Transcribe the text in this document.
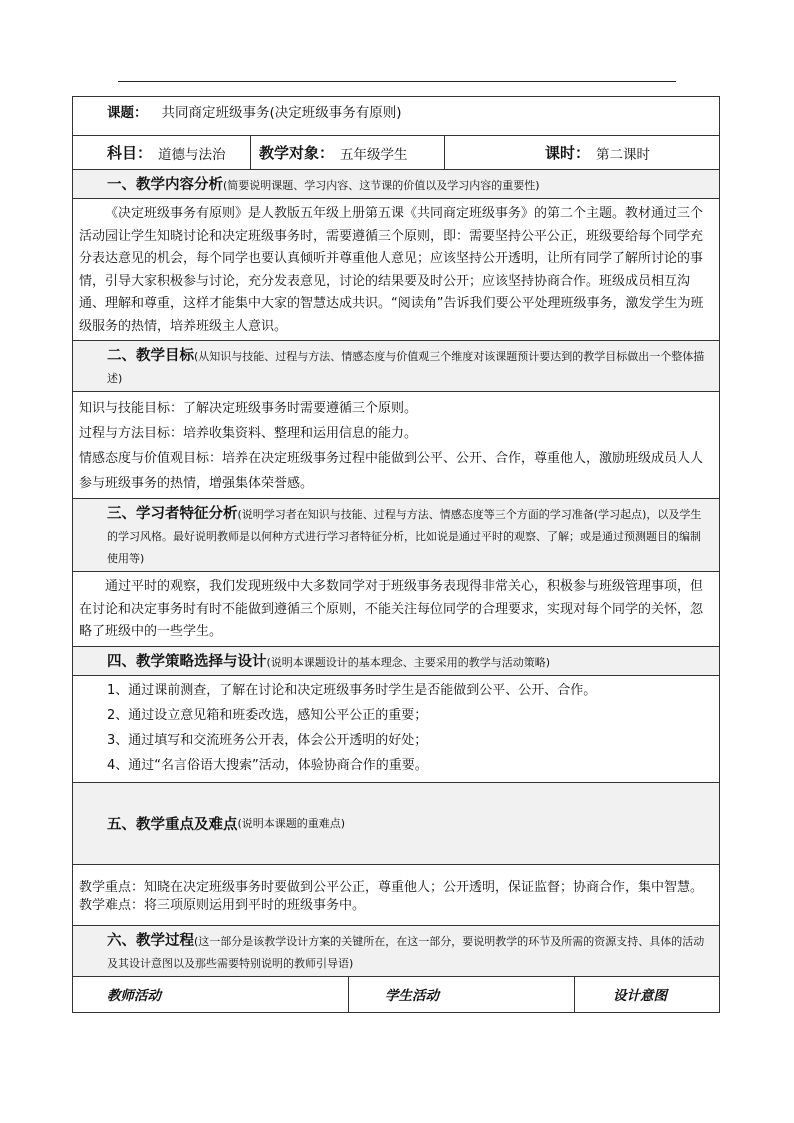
课题： 共同商定班级事务(决定班级事务有原则)
科目： 道德与法治 教学对象： 五年级学生	课时： 第二课时
一、教学内容分析(简要说明课题、学习内容、这节课的价值以及学习内容的重要性)
《决定班级事务有原则》是人教版五年级上册第五课《共同商定班级事务》的第二个主题。教材通过三个活动园让学生知晓讨论和决定班级事务时，需要遵循三个原则，即：需要坚持公平公正，班级要给每个同学充分表达意见的机会，每个同学也要认真倾听并尊重他人意见；应该坚持公开透明，让所有同学了解所讨论的事情，引导大家积极参与讨论，充分发表意见，讨论的结果要及时公开；应该坚持协商合作。班级成员相互沟通、理解和尊重，这样才能集中大家的智慧达成共识。“阅读角”告诉我们要公平处理班级事务，激发学生为班级服务的热情，培养班级主人意识。
二、教学目标(从知识与技能、过程与方法、情感态度与价值观三个维度对该课题预计要达到的教学目标做出一个整体描述)
知识与技能目标：了解决定班级事务时需要遵循三个原则。
过程与方法目标：培养收集资料、整理和运用信息的能力。
情感态度与价值观目标：培养在决定班级事务过程中能做到公平、公开、合作，尊重他人，激励班级成员人人参与班级事务的热情，增强集体荣誉感。
三、学习者特征分析(说明学习者在知识与技能、过程与方法、情感态度等三个方面的学习准备(学习起点)，以及学生的学习风格。最好说明教师是以何种方式进行学习者特征分析，比如说是通过平时的观察、了解；或是通过预测题目的编制使用等)
通过平时的观察，我们发现班级中大多数同学对于班级事务表现得非常关心，积极参与班级管理事项，但在讨论和决定事务时有时不能做到遵循三个原则，不能关注每位同学的合理要求，实现对每个同学的关怀，忽略了班级中的一些学生。
四、教学策略选择与设计(说明本课题设计的基本理念、主要采用的教学与活动策略)
1、通过课前测查，了解在讨论和决定班级事务时学生是否能做到公平、公开、合作。
2、通过设立意见箱和班委改选，感知公平公正的重要；
3、通过填写和交流班务公开表，体会公开透明的好处；
4、通过“名言俗语大搜索”活动，体验协商合作的重要。
五、教学重点及难点 (说明本课题的重难点)
教学重点：知晓在决定班级事务时要做到公平公正，尊重他人；公开透明，保证监督；协商合作，集中智慧。
教学难点：将三项原则运用到平时的班级事务中。
六、教学过程(这一部分是该教学设计方案的关键所在，在这一部分，要说明教学的环节及所需的资源支持、具体的活动及其设计意图以及那些需要特别说明的教师引导语)
教师活动	学生活动	设计意图
